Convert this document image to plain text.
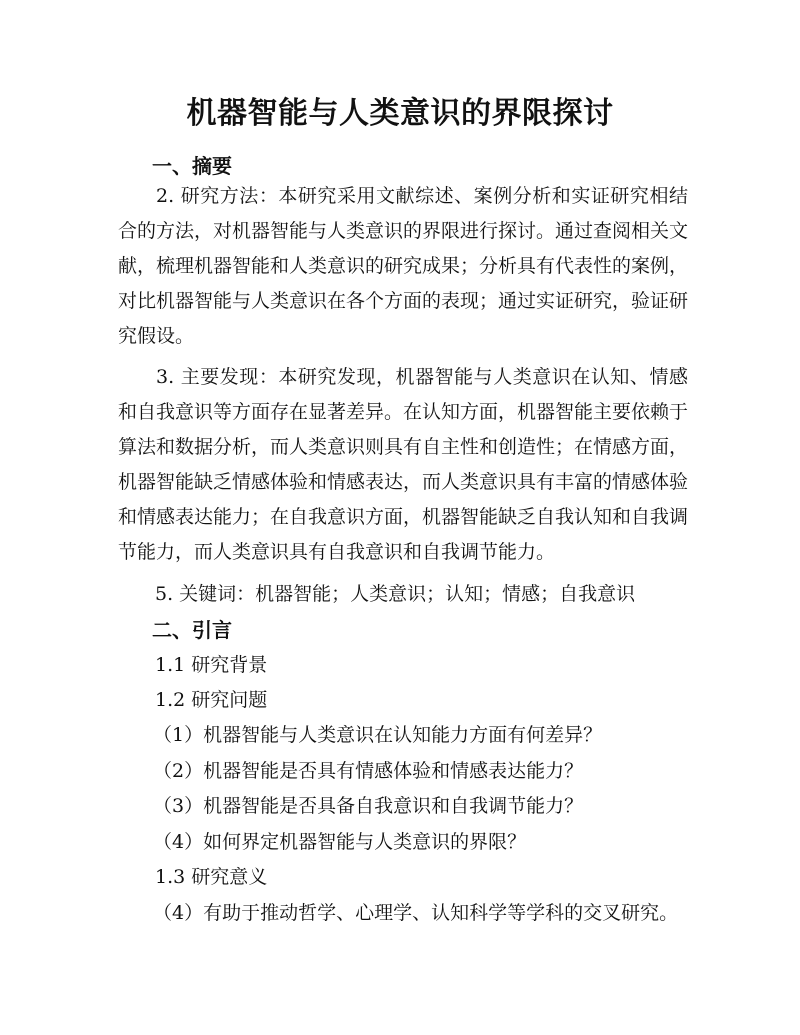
机器智能与人类意识的界限探讨
一、摘要

2. 研究方法：本研究采用文献综述、案例分析和实证研究相结合的方法，对机器智能与人类意识的界限进行探讨。通过查阅相关文献，梳理机器智能和人类意识的研究成果；分析具有代表性的案例，对比机器智能与人类意识在各个方面的表现；通过实证研究，验证研究假设。

3. 主要发现：本研究发现，机器智能与人类意识在认知、情感和自我意识等方面存在显著差异。在认知方面，机器智能主要依赖于算法和数据分析，而人类意识则具有自主性和创造性；在情感方面，机器智能缺乏情感体验和情感表达，而人类意识具有丰富的情感体验和情感表达能力；在自我意识方面，机器智能缺乏自我认知和自我调节能力，而人类意识具有自我意识和自我调节能力。

5. 关键词：机器智能；人类意识；认知；情感；自我意识
二、引言
1.1 研究背景
1.2 研究问题
（1）机器智能与人类意识在认知能力方面有何差异？
（2）机器智能是否具有情感体验和情感表达能力？
（3）机器智能是否具备自我意识和自我调节能力？
（4）如何界定机器智能与人类意识的界限？
1.3 研究意义
（4）有助于推动哲学、心理学、认知科学等学科的交叉研究。
